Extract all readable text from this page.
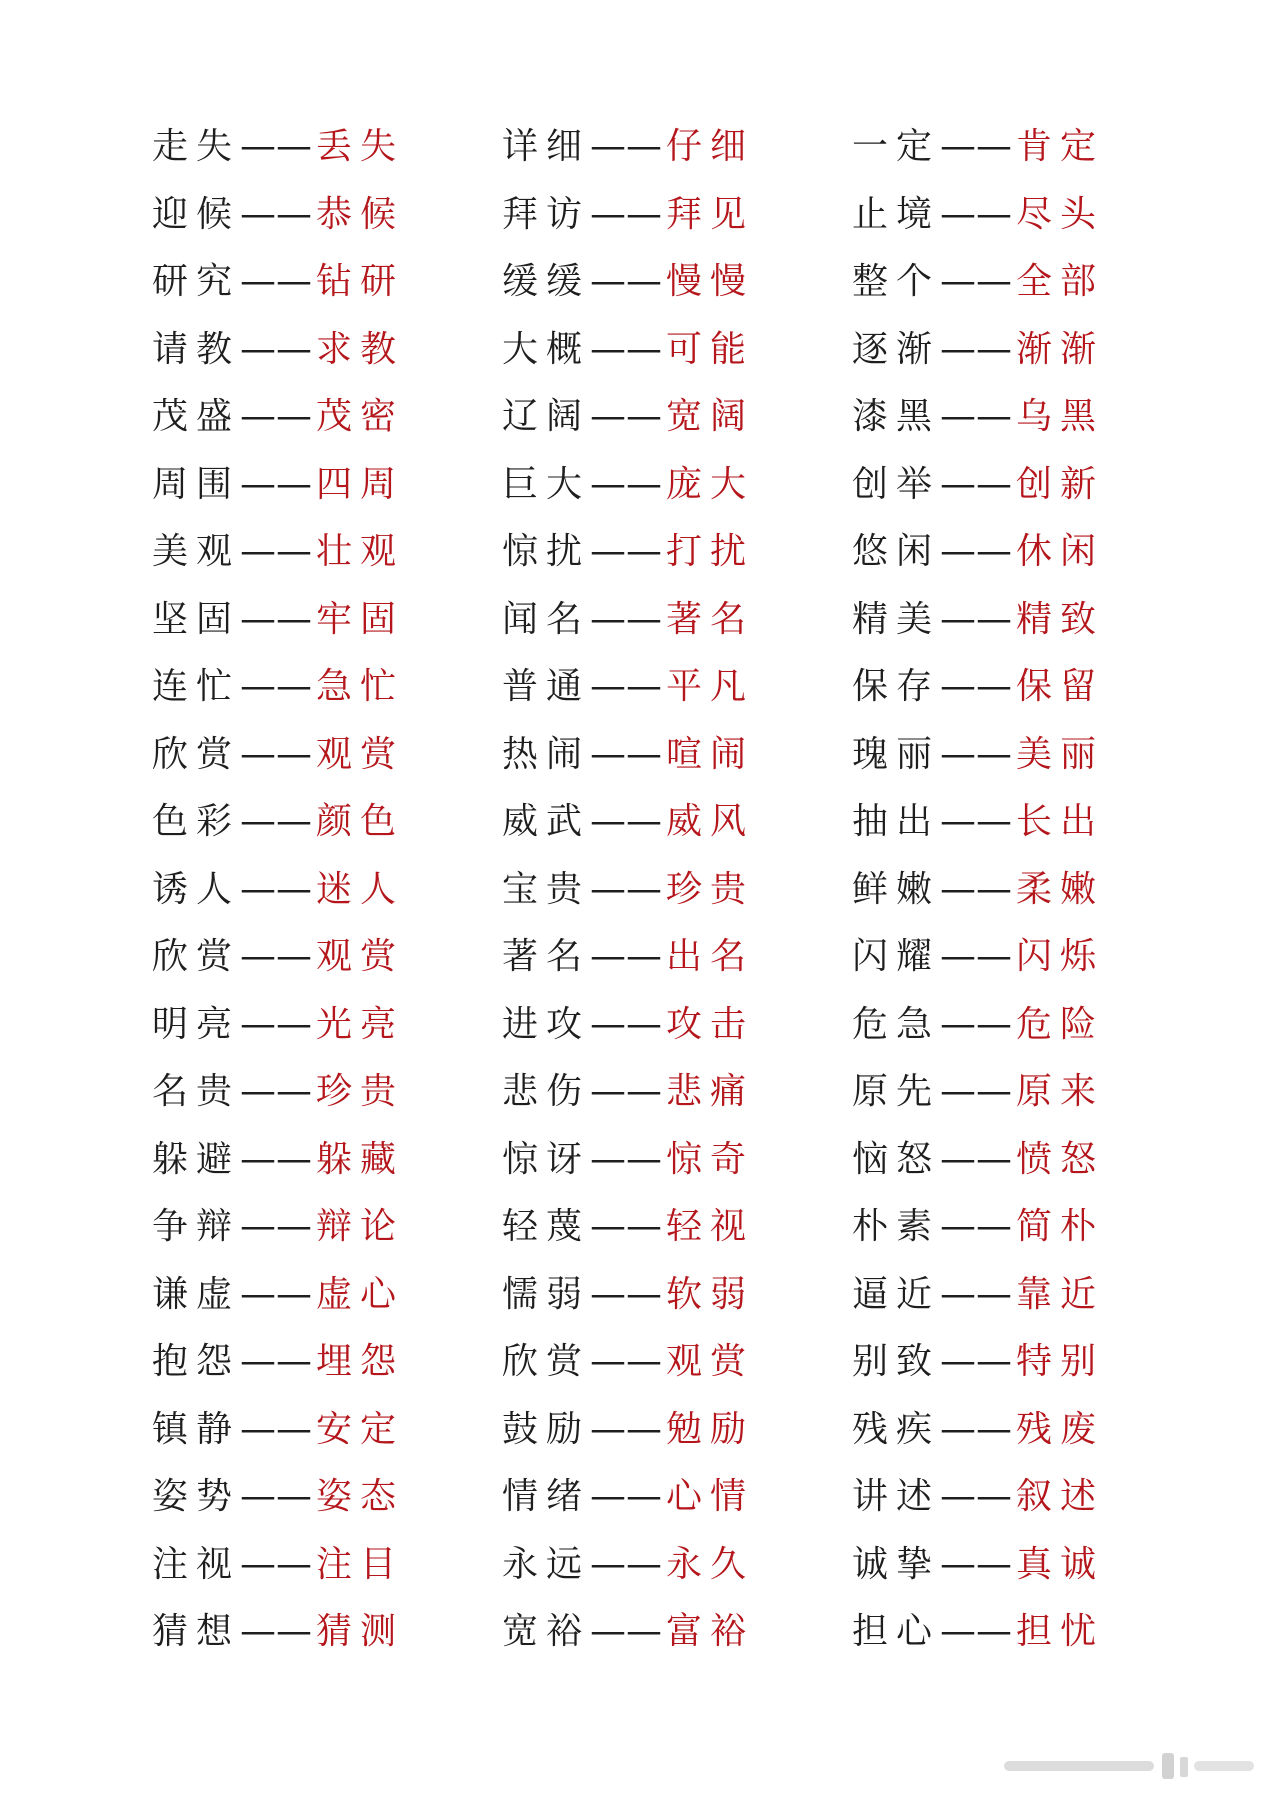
走失—— 丢失
迎候—— 恭候
研究—— 钻研
请教—— 求教
茂盛—— 茂密
周围—— 四周
美观—— 壮观
坚固—— 牢固
连忙—— 急忙
欣赏—— 观赏
色彩—— 颜色
诱人—— 迷人
欣赏—— 观赏
明亮—— 光亮
名贵—— 珍贵
躲避—— 躲藏
争辩—— 辩论
谦虚—— 虚心
抱怨—— 埋怨
镇静—— 安定
姿势—— 姿态
注视—— 注目
猜想—— 猜测
详细—— 仔细
拜访—— 拜见
缓缓—— 慢慢
大概—— 可能
辽阔—— 宽阔
巨大—— 庞大
惊扰—— 打扰
闻名—— 著名
普通—— 平凡
热闹—— 喧闹
威武—— 威风
宝贵—— 珍贵
著名—— 出名
进攻—— 攻击
悲伤—— 悲痛
惊讶—— 惊奇
轻蔑—— 轻视
懦弱—— 软弱
欣赏—— 观赏
鼓励—— 勉励
情绪—— 心情
永远—— 永久
宽裕—— 富裕
一定—— 肯定
止境—— 尽头
整个—— 全部
逐渐—— 渐渐
漆黑—— 乌黑
创举—— 创新
悠闲—— 休闲
精美—— 精致
保存—— 保留
瑰丽—— 美丽
抽出—— 长出
鲜嫩—— 柔嫩
闪耀—— 闪烁
危急—— 危险
原先—— 原来
恼怒—— 愤怒
朴素—— 简朴
逼近—— 靠近
别致—— 特别
残疾—— 残废
讲述—— 叙述
诚挚—— 真诚
担心—— 担忧
